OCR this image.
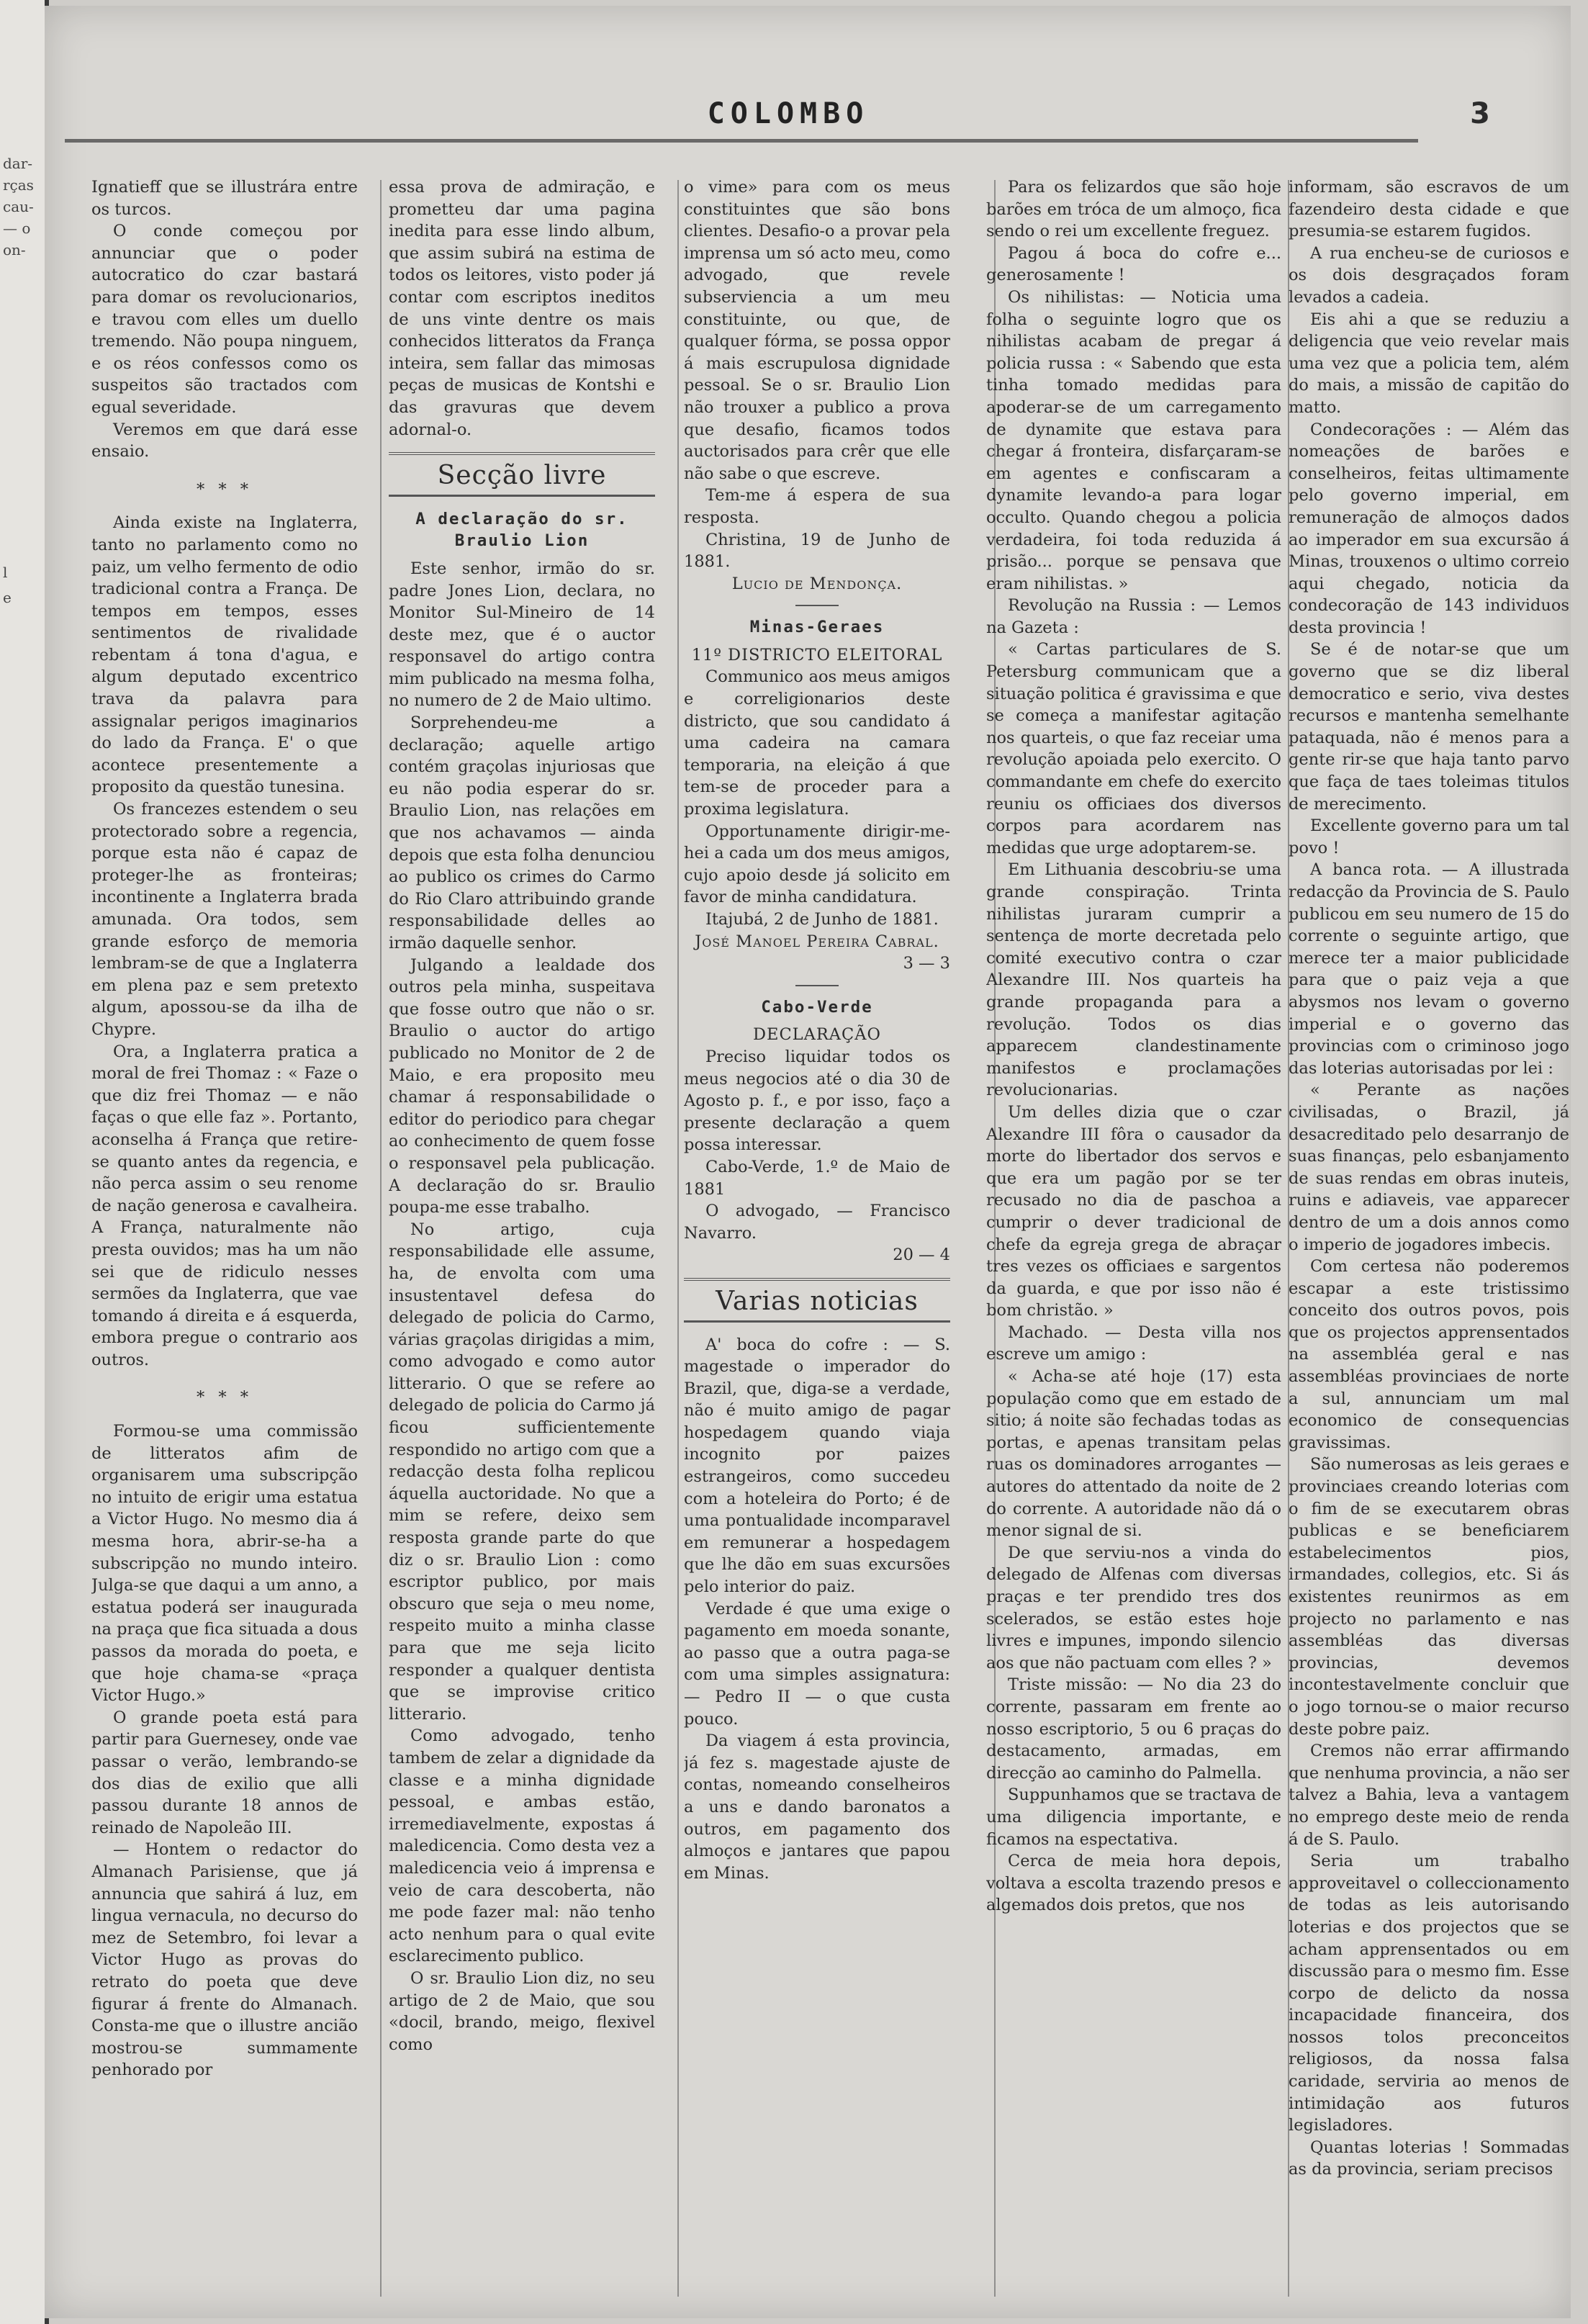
dar-
rças
cau-
— o
on-
l
e
COLOMBO	3

Ignatieff que se illustrára entre os turcos.

O conde começou por annunciar que o poder autocratico do czar bastará para domar os revolucionarios, e travou com elles um duello tremendo. Não poupa ninguem, e os réos confessos como os suspeitos são tractados com egual severidade.

Veremos em que dará esse ensaio.

* * *

Ainda existe na Inglaterra, tanto no parlamento como no paiz, um velho fermento de odio tradicional contra a França. De tempos em tempos, esses sentimentos de rivalidade rebentam á tona d'agua, e algum deputado excentrico trava da palavra para assignalar perigos imaginarios do lado da França. E' o que acontece presentemente a proposito da questão tunesina.

Os francezes estendem o seu protectorado sobre a regencia, porque esta não é capaz de proteger-lhe as fronteiras; incontinente a Inglaterra brada amunada. Ora todos, sem grande esforço de memoria lembram-se de que a Inglaterra em plena paz e sem pretexto algum, apossou-se da ilha de Chypre.

Ora, a Inglaterra pratica a moral de frei Thomaz : « Faze o que diz frei Thomaz — e não faças o que elle faz ». Portanto, aconselha á França que retire-se quanto antes da regencia, e não perca assim o seu renome de nação generosa e cavalheira. A França, naturalmente não presta ouvidos; mas ha um não sei que de ridiculo nesses sermões da Inglaterra, que vae tomando á direita e á esquerda, embora pregue o contrario aos outros.

* * *

Formou-se uma commissão de litteratos afim de organisarem uma subscripção no intuito de erigir uma estatua a Victor Hugo. No mesmo dia á mesma hora, abrir-se-ha a subscripção no mundo inteiro. Julga-se que daqui a um anno, a estatua poderá ser inaugurada na praça que fica situada a dous passos da morada do poeta, e que hoje chama-se «praça Victor Hugo.»

O grande poeta está para partir para Guernesey, onde vae passar o verão, lembrando-se dos dias de exilio que alli passou durante 18 annos de reinado de Napoleão III.

— Hontem o redactor do Almanach Parisiense, que já annuncia que sahirá á luz, em lingua vernacula, no decurso do mez de Setembro, foi levar a Victor Hugo as provas do retrato do poeta que deve figurar á frente do Almanach. Consta-me que o illustre ancião mostrou-se summamente penhorado por

essa prova de admiração, e prometteu dar uma pagina inedita para esse lindo album, que assim subirá na estima de todos os leitores, visto poder já contar com escriptos ineditos de uns vinte dentre os mais conhecidos litteratos da França inteira, sem fallar das mimosas peças de musicas de Kontshi e das gravuras que devem adornal-o.

Secção livre
A declaração do sr. Braulio Lion

Este senhor, irmão do sr. padre Jones Lion, declara, no Monitor Sul-Mineiro de 14 deste mez, que é o auctor responsavel do artigo contra mim publicado na mesma folha, no numero de 2 de Maio ultimo.

Sorprehendeu-me a declaração; aquelle artigo contém graçolas injuriosas que eu não podia esperar do sr. Braulio Lion, nas relações em que nos achavamos — ainda depois que esta folha denunciou ao publico os crimes do Carmo do Rio Claro attribuindo grande responsabilidade delles ao irmão daquelle senhor.

Julgando a lealdade dos outros pela minha, suspeitava que fosse outro que não o sr. Braulio o auctor do artigo publicado no Monitor de 2 de Maio, e era proposito meu chamar á responsabilidade o editor do periodico para chegar ao conhecimento de quem fosse o responsavel pela publicação. A declaração do sr. Braulio poupa-me esse trabalho.

No artigo, cuja responsabilidade elle assume, ha, de envolta com uma insustentavel defesa do delegado de policia do Carmo, várias graçolas dirigidas a mim, como advogado e como autor litterario. O que se refere ao delegado de policia do Carmo já ficou sufficientemente respondido no artigo com que a redacção desta folha replicou áquella auctoridade. No que a mim se refere, deixo sem resposta grande parte do que diz o sr. Braulio Lion : como escriptor publico, por mais obscuro que seja o meu nome, respeito muito a minha classe para que me seja licito responder a qualquer dentista que se improvise critico litterario.

Como advogado, tenho tambem de zelar a dignidade da classe e a minha dignidade pessoal, e ambas estão, irremediavelmente, expostas á maledicencia. Como desta vez a maledicencia veio á imprensa e veio de cara descoberta, não me pode fazer mal: não tenho acto nenhum para o qual evite esclarecimento publico.

O sr. Braulio Lion diz, no seu artigo de 2 de Maio, que sou «docil, brando, meigo, flexivel como

o vime» para com os meus constituintes que são bons clientes. Desafio-o a provar pela imprensa um só acto meu, como advogado, que revele subserviencia a um meu constituinte, ou que, de qualquer fórma, se possa oppor á mais escrupulosa dignidade pessoal. Se o sr. Braulio Lion não trouxer a publico a prova que desafio, ficamos todos auctorisados para crêr que elle não sabe o que escreve.

Tem-me á espera de sua resposta.

Christina, 19 de Junho de 1881.

Lucio de Mendonça.

Minas-Geraes

11º DISTRICTO ELEITORAL

Communico aos meus amigos e correligionarios deste districto, que sou candidato á uma cadeira na camara temporaria, na eleição á que tem-se de proceder para a proxima legislatura.

Opportunamente dirigir-me-hei a cada um dos meus amigos, cujo apoio desde já solicito em favor de minha candidatura.

Itajubá, 2 de Junho de 1881.

José Manoel Pereira Cabral.

3 — 3

Cabo-Verde

DECLARAÇÃO

Preciso liquidar todos os meus negocios até o dia 30 de Agosto p. f., e por isso, faço a presente declaração a quem possa interessar.

Cabo-Verde, 1.º de Maio de 1881

O advogado, — Francisco Navarro.

20 — 4

Varias noticias

A' boca do cofre : — S. magestade o imperador do Brazil, que, diga-se a verdade, não é muito amigo de pagar hospedagem quando viaja incognito por paizes estrangeiros, como succedeu com a hoteleira do Porto; é de uma pontualidade incomparavel em remunerar a hospedagem que lhe dão em suas excursões pelo interior do paiz.

Verdade é que uma exige o pagamento em moeda sonante, ao passo que a outra paga-se com uma simples assignatura: — Pedro II — o que custa pouco.

Da viagem á esta provincia, já fez s. magestade ajuste de contas, nomeando conselheiros a uns e dando baronatos a outros, em pagamento dos almoços e jantares que papou em Minas.

Para os felizardos que são hoje barões em tróca de um almoço, fica sendo o rei um excellente freguez.

Pagou á boca do cofre e... generosamente !

Os nihilistas: — Noticia uma folha o seguinte logro que os nihilistas acabam de pregar á policia russa : « Sabendo que esta tinha tomado medidas para apoderar-se de um carregamento de dynamite que estava para chegar á fronteira, disfarçaram-se em agentes e confiscaram a dynamite levando-a para logar occulto. Quando chegou a policia verdadeira, foi toda reduzida á prisão... porque se pensava que eram nihilistas. »

Revolução na Russia : — Lemos na Gazeta :

« Cartas particulares de S. Petersburg communicam que a situação politica é gravissima e que se começa a manifestar agitação nos quarteis, o que faz receiar uma revolução apoiada pelo exercito. O commandante em chefe do exercito reuniu os officiaes dos diversos corpos para acordarem nas medidas que urge adoptarem-se.

Em Lithuania descobriu-se uma grande conspiração. Trinta nihilistas juraram cumprir a sentença de morte decretada pelo comité executivo contra o czar Alexandre III. Nos quarteis ha grande propaganda para a revolução. Todos os dias apparecem clandestinamente manifestos e proclamações revolucionarias.

Um delles dizia que o czar Alexandre III fôra o causador da morte do libertador dos servos e que era um pagão por se ter recusado no dia de paschoa a cumprir o dever tradicional de chefe da egreja grega de abraçar tres vezes os officiaes e sargentos da guarda, e que por isso não é bom christão. »

Machado. — Desta villa nos escreve um amigo :

« Acha-se até hoje (17) esta população como que em estado de sitio; á noite são fechadas todas as portas, e apenas transitam pelas ruas os dominadores arrogantes — autores do attentado da noite de 2 do corrente. A autoridade não dá o menor signal de si.

De que serviu-nos a vinda do delegado de Alfenas com diversas praças e ter prendido tres dos scelerados, se estão estes hoje livres e impunes, impondo silencio aos que não pactuam com elles ? »

Triste missão: — No dia 23 do corrente, passaram em frente ao nosso escriptorio, 5 ou 6 praças do destacamento, armadas, em direcção ao caminho do Palmella.

Suppunhamos que se tractava de uma diligencia importante, e ficamos na espectativa.

Cerca de meia hora depois, voltava a escolta trazendo presos e algemados dois pretos, que nos

informam, são escravos de um fazendeiro desta cidade e que presumia-se estarem fugidos.

A rua encheu-se de curiosos e os dois desgraçados foram levados a cadeia.

Eis ahi a que se reduziu a deligencia que veio revelar mais uma vez que a policia tem, além do mais, a missão de capitão do matto.

Condecorações : — Além das nomeações de barões e conselheiros, feitas ultimamente pelo governo imperial, em remuneração de almoços dados ao imperador em sua excursão á Minas, trouxenos o ultimo correio aqui chegado, noticia da condecoração de 143 individuos desta provincia !

Se é de notar-se que um governo que se diz liberal democratico e serio, viva destes recursos e mantenha semelhante pataquada, não é menos para a gente rir-se que haja tanto parvo que faça de taes toleimas titulos de merecimento.

Excellente governo para um tal povo !

A banca rota. — A illustrada redacção da Provincia de S. Paulo publicou em seu numero de 15 do corrente o seguinte artigo, que merece ter a maior publicidade para que o paiz veja a que abysmos nos levam o governo imperial e o governo das provincias com o criminoso jogo das loterias autorisadas por lei :

« Perante as nações civilisadas, o Brazil, já desacreditado pelo desarranjo de suas finanças, pelo esbanjamento de suas rendas em obras inuteis, ruins e adiaveis, vae apparecer dentro de um a dois annos como o imperio de jogadores imbecis.

Com certesa não poderemos escapar a este tristissimo conceito dos outros povos, pois que os projectos apprensentados na assembléa geral e nas assembléas provinciaes de norte a sul, annunciam um mal economico de consequencias gravissimas.

São numerosas as leis geraes e provinciaes creando loterias com o fim de se executarem obras publicas e se beneficiarem estabelecimentos pios, irmandades, collegios, etc. Si ás existentes reunirmos as em projecto no parlamento e nas assembléas das diversas provincias, devemos incontestavelmente concluir que o jogo tornou-se o maior recurso deste pobre paiz.

Cremos não errar affirmando que nenhuma provincia, a não ser talvez a Bahia, leva a vantagem no emprego deste meio de renda á de S. Paulo.

Seria um trabalho approveitavel o colleccionamento de todas as leis autorisando loterias e dos projectos que se acham apprensentados ou em discussão para o mesmo fim. Esse corpo de delicto da nossa incapacidade financeira, dos nossos tolos preconceitos religiosos, da nossa falsa caridade, serviria ao menos de intimidação aos futuros legisladores.

Quantas loterias ! Sommadas as da provincia, seriam precisos
